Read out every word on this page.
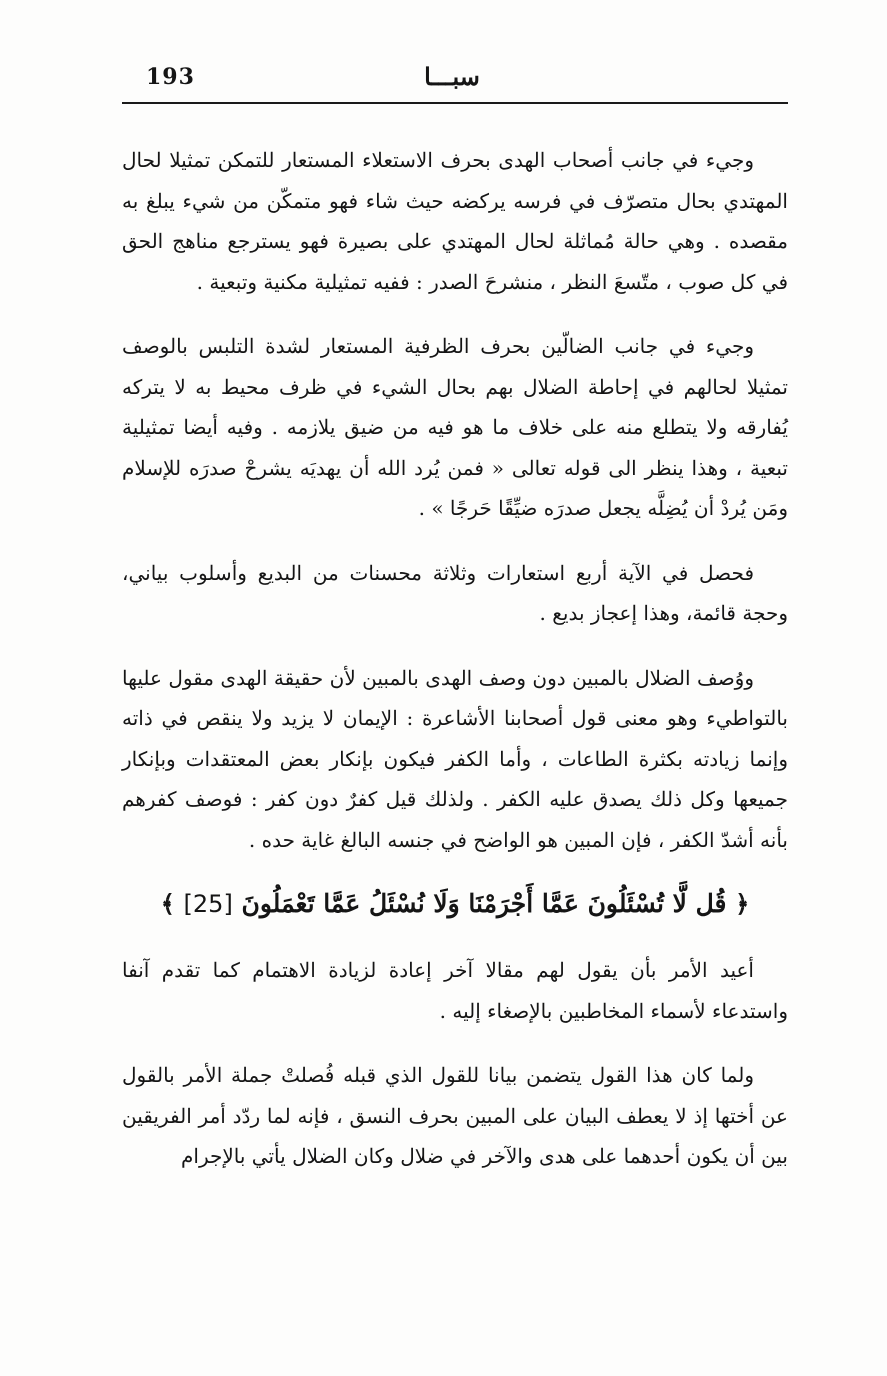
193	سبـــا

وجيء في جانب أصحاب الهدى بحرف الاستعلاء المستعار للتمكن تمثيلا لحال المهتدي بحال متصرّف في فرسه يركضه حيث شاء فهو متمكّن من شيء يبلغ به مقصده . وهي حالة مُماثلة لحال المهتدي على بصيرة فهو يسترجع مناهج الحق في كل صوب ، متّسعَ النظر ، منشرحَ الصدر : ففيه تمثيلية مكنية وتبعية .

وجيء في جانب الضالّين بحرف الظرفية المستعار لشدة التلبس بالوصف تمثيلا لحالهم في إحاطة الضلال بهم بحال الشيء في ظرف محيط به لا يتركه يُفارقه ولا يتطلع منه على خلاف ما هو فيه من ضيق يلازمه . وفيه أيضا تمثيلية تبعية ، وهذا ينظر الى قوله تعالى « فمن يُرد الله أن يهديَه يشرحْ صدرَه للإسلام ومَن يُردْ أن يُضِلَّه يجعل صدرَه ضيِّقًا حَرجًا » .

فحصل في الآية أربع استعارات وثلاثة محسنات من البديع وأسلوب بياني، وحجة قائمة، وهذا إعجاز بديع .

ووُصف الضلال بالمبين دون وصف الهدى بالمبين لأن حقيقة الهدى مقول عليها بالتواطيء وهو معنى قول أصحابنا الأشاعرة : الإيمان لا يزيد ولا ينقص في ذاته وإنما زيادته بكثرة الطاعات ، وأما الكفر فيكون بإنكار بعض المعتقدات وبإنكار جميعها وكل ذلك يصدق عليه الكفر . ولذلك قيل كفرٌ دون كفر : فوصف كفرهم بأنه أشدّ الكفر ، فإن المبين هو الواضح في جنسه البالغ غاية حده .

﴿ قُل لَّا تُسْئَلُونَ عَمَّا أَجْرَمْنَا وَلَا نُسْئَلُ عَمَّا تَعْمَلُونَ [25] ﴾

أعيد الأمر بأن يقول لهم مقالا آخر إعادة لزيادة الاهتمام كما تقدم آنفا واستدعاء لأسماء المخاطبين بالإصغاء إليه .

ولما كان هذا القول يتضمن بيانا للقول الذي قبله فُصلتْ جملة الأمر بالقول عن أختها إذ لا يعطف البيان على المبين بحرف النسق ، فإنه لما ردّد أمر الفريقين بين أن يكون أحدهما على هدى والآخر في ضلال وكان الضلال يأتي بالإجرام
